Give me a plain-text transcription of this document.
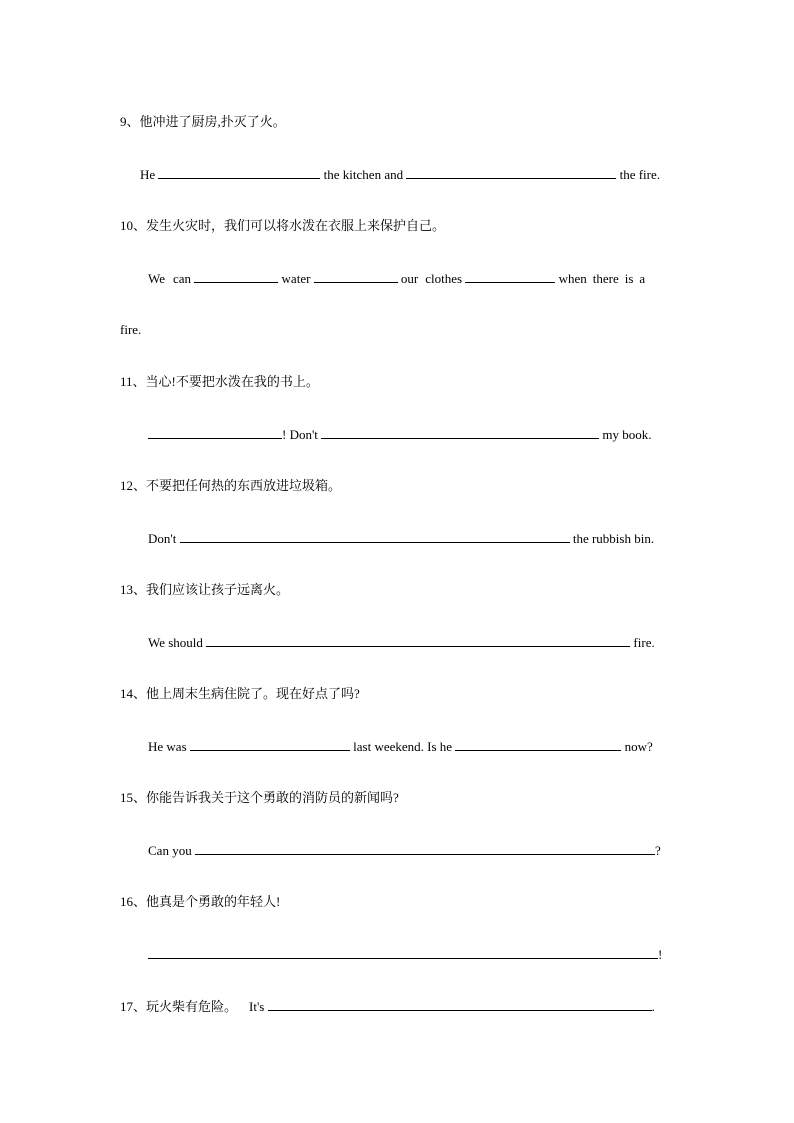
9、他冲进了厨房,扑灭了火。
He	the kitchen and	the fire.
10、发生火灾时，我们可以将水泼在衣服上来保护自己。
We can	water	our clothes	when there is a
fire.
11、当心!不要把水泼在我的书上。
! Don't	my book.
12、不要把任何热的东西放进垃圾箱。
Don't	the rubbish bin.
13、我们应该让孩子远离火。
We should	fire.
14、他上周末生病住院了。现在好点了吗?
He was	last weekend. Is he	now?
15、你能告诉我关于这个勇敢的消防员的新闻吗?
Can you	?
16、他真是个勇敢的年轻人!
!
17、玩火柴有危险。 It's	.
